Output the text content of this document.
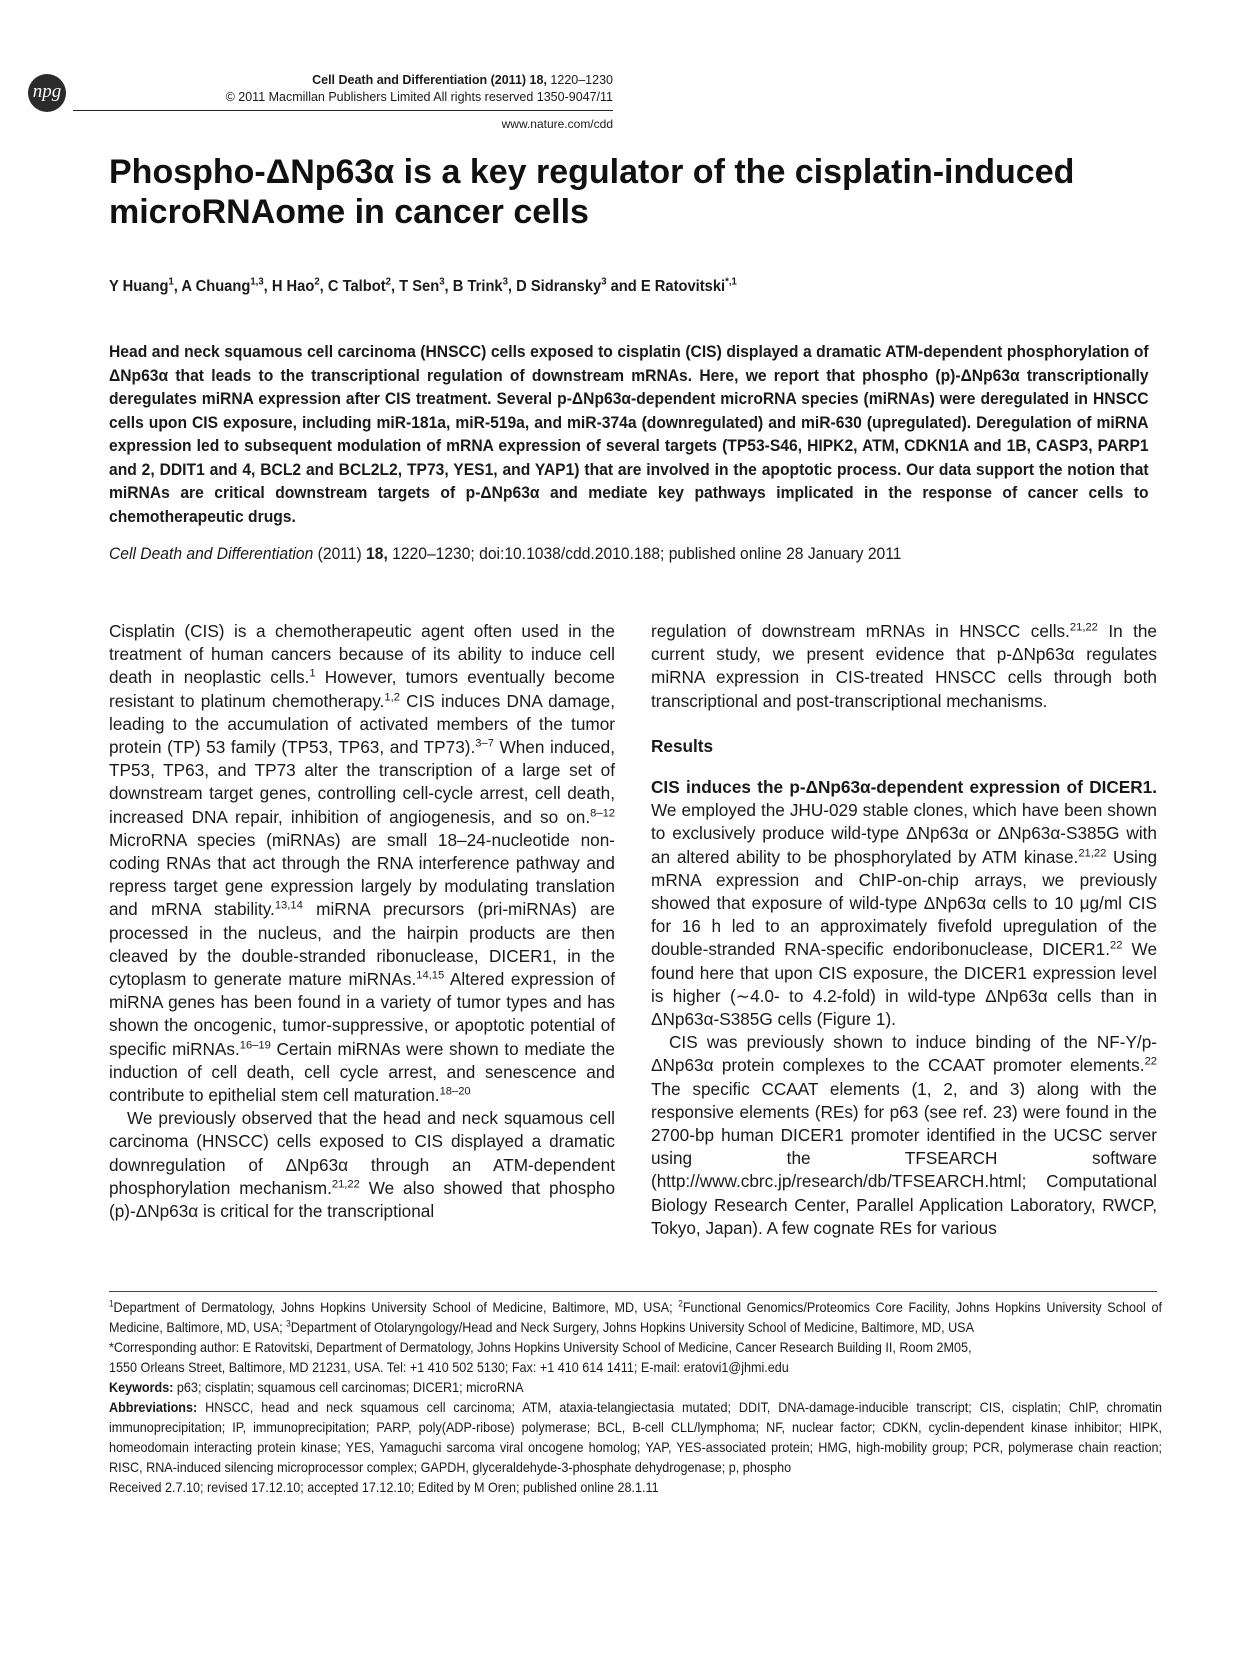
npg
Cell Death and Differentiation (2011) 18, 1220–1230
© 2011 Macmillan Publishers Limited All rights reserved 1350-9047/11
www.nature.com/cdd
Phospho-ΔNp63α is a key regulator of the cisplatin-induced microRNAome in cancer cells
Y Huang$^1$, A Chuang$^{1,3}$, H Hao$^2$, C Talbot$^2$, T Sen$^3$, B Trink$^3$, D Sidransky$^3$ and E Ratovitski$^{*,1}$
Head and neck squamous cell carcinoma (HNSCC) cells exposed to cisplatin (CIS) displayed a dramatic ATM-dependent phosphorylation of ΔNp63α that leads to the transcriptional regulation of downstream mRNAs. Here, we report that phospho (p)-ΔNp63α transcriptionally deregulates miRNA expression after CIS treatment. Several p-ΔNp63α-dependent microRNA species (miRNAs) were deregulated in HNSCC cells upon CIS exposure, including miR-181a, miR-519a, and miR-374a (downregulated) and miR-630 (upregulated). Deregulation of miRNA expression led to subsequent modulation of mRNA expression of several targets (TP53-S46, HIPK2, ATM, CDKN1A and 1B, CASP3, PARP1 and 2, DDIT1 and 4, BCL2 and BCL2L2, TP73, YES1, and YAP1) that are involved in the apoptotic process. Our data support the notion that miRNAs are critical downstream targets of p-ΔNp63α and mediate key pathways implicated in the response of cancer cells to chemotherapeutic drugs.
Cell Death and Differentiation (2011) 18, 1220–1230; doi:10.1038/cdd.2010.188; published online 28 January 2011

Cisplatin (CIS) is a chemotherapeutic agent often used in the treatment of human cancers because of its ability to induce cell death in neoplastic cells.$^1$ However, tumors eventually become resistant to platinum chemotherapy.$^{1,2}$ CIS induces DNA damage, leading to the accumulation of activated members of the tumor protein (TP) 53 family (TP53, TP63, and TP73).$^{3-7}$ When induced, TP53, TP63, and TP73 alter the transcription of a large set of downstream target genes, controlling cell-cycle arrest, cell death, increased DNA repair, inhibition of angiogenesis, and so on.$^{8-12}$ MicroRNA species (miRNAs) are small 18–24-nucleotide non-coding RNAs that act through the RNA interference pathway and repress target gene expression largely by modulating translation and mRNA stability.$^{13,14}$ miRNA precursors (pri-miRNAs) are processed in the nucleus, and the hairpin products are then cleaved by the double-stranded ribonuclease, DICER1, in the cytoplasm to generate mature miRNAs.$^{14,15}$ Altered expression of miRNA genes has been found in a variety of tumor types and has shown the oncogenic, tumor-suppressive, or apoptotic potential of specific miRNAs.$^{16-19}$ Certain miRNAs were shown to mediate the induction of cell death, cell cycle arrest, and senescence and contribute to epithelial stem cell maturation.$^{18-20}$

We previously observed that the head and neck squamous cell carcinoma (HNSCC) cells exposed to CIS displayed a dramatic downregulation of ΔNp63α through an ATM-dependent phosphorylation mechanism.$^{21,22}$ We also showed that phospho (p)-ΔNp63α is critical for the transcriptional

regulation of downstream mRNAs in HNSCC cells.$^{21,22}$ In the current study, we present evidence that p-ΔNp63α regulates miRNA expression in CIS-treated HNSCC cells through both transcriptional and post-transcriptional mechanisms.

Results

CIS induces the p-ΔNp63α-dependent expression of DICER1. We employed the JHU-029 stable clones, which have been shown to exclusively produce wild-type ΔNp63α or ΔNp63α-S385G with an altered ability to be phosphorylated by ATM kinase.$^{21,22}$ Using mRNA expression and ChIP-on-chip arrays, we previously showed that exposure of wild-type ΔNp63α cells to 10 μg/ml CIS for 16 h led to an approximately fivefold upregulation of the double-stranded RNA-specific endoribonuclease, DICER1.22 We found here that upon CIS exposure, the DICER1 expression level is higher (∼4.0- to 4.2-fold) in wild-type ΔNp63α cells than in ΔNp63α-S385G cells (Figure 1).

CIS was previously shown to induce binding of the NF-Y/p-ΔNp63α protein complexes to the CCAAT promoter elements.$^{22}$ The specific CCAAT elements (1, 2, and 3) along with the responsive elements (REs) for p63 (see ref. 23) were found in the 2700-bp human DICER1 promoter identified in the UCSC server using the TFSEARCH software (http://www.cbrc.jp/research/db/TFSEARCH.html; Computational Biology Research Center, Parallel Application Laboratory, RWCP, Tokyo, Japan). A few cognate REs for various

$^1$Department of Dermatology, Johns Hopkins University School of Medicine, Baltimore, MD, USA; $^2$Functional Genomics/Proteomics Core Facility, Johns Hopkins University School of Medicine, Baltimore, MD, USA; $^3$Department of Otolaryngology/Head and Neck Surgery, Johns Hopkins University School of Medicine, Baltimore, MD, USA

*Corresponding author: E Ratovitski, Department of Dermatology, Johns Hopkins University School of Medicine, Cancer Research Building II, Room 2M05,

1550 Orleans Street, Baltimore, MD 21231, USA. Tel: +1 410 502 5130; Fax: +1 410 614 1411; E-mail: eratovi1@jhmi.edu

Keywords: p63; cisplatin; squamous cell carcinomas; DICER1; microRNA

Abbreviations: HNSCC, head and neck squamous cell carcinoma; ATM, ataxia-telangiectasia mutated; DDIT, DNA-damage-inducible transcript; CIS, cisplatin; ChIP, chromatin immunoprecipitation; IP, immunoprecipitation; PARP, poly(ADP-ribose) polymerase; BCL, B-cell CLL/lymphoma; NF, nuclear factor; CDKN, cyclin-dependent kinase inhibitor; HIPK, homeodomain interacting protein kinase; YES, Yamaguchi sarcoma viral oncogene homolog; YAP, YES-associated protein; HMG, high-mobility group; PCR, polymerase chain reaction; RISC, RNA-induced silencing microprocessor complex; GAPDH, glyceraldehyde-3-phosphate dehydrogenase; p, phospho

Received 2.7.10; revised 17.12.10; accepted 17.12.10; Edited by M Oren; published online 28.1.11
